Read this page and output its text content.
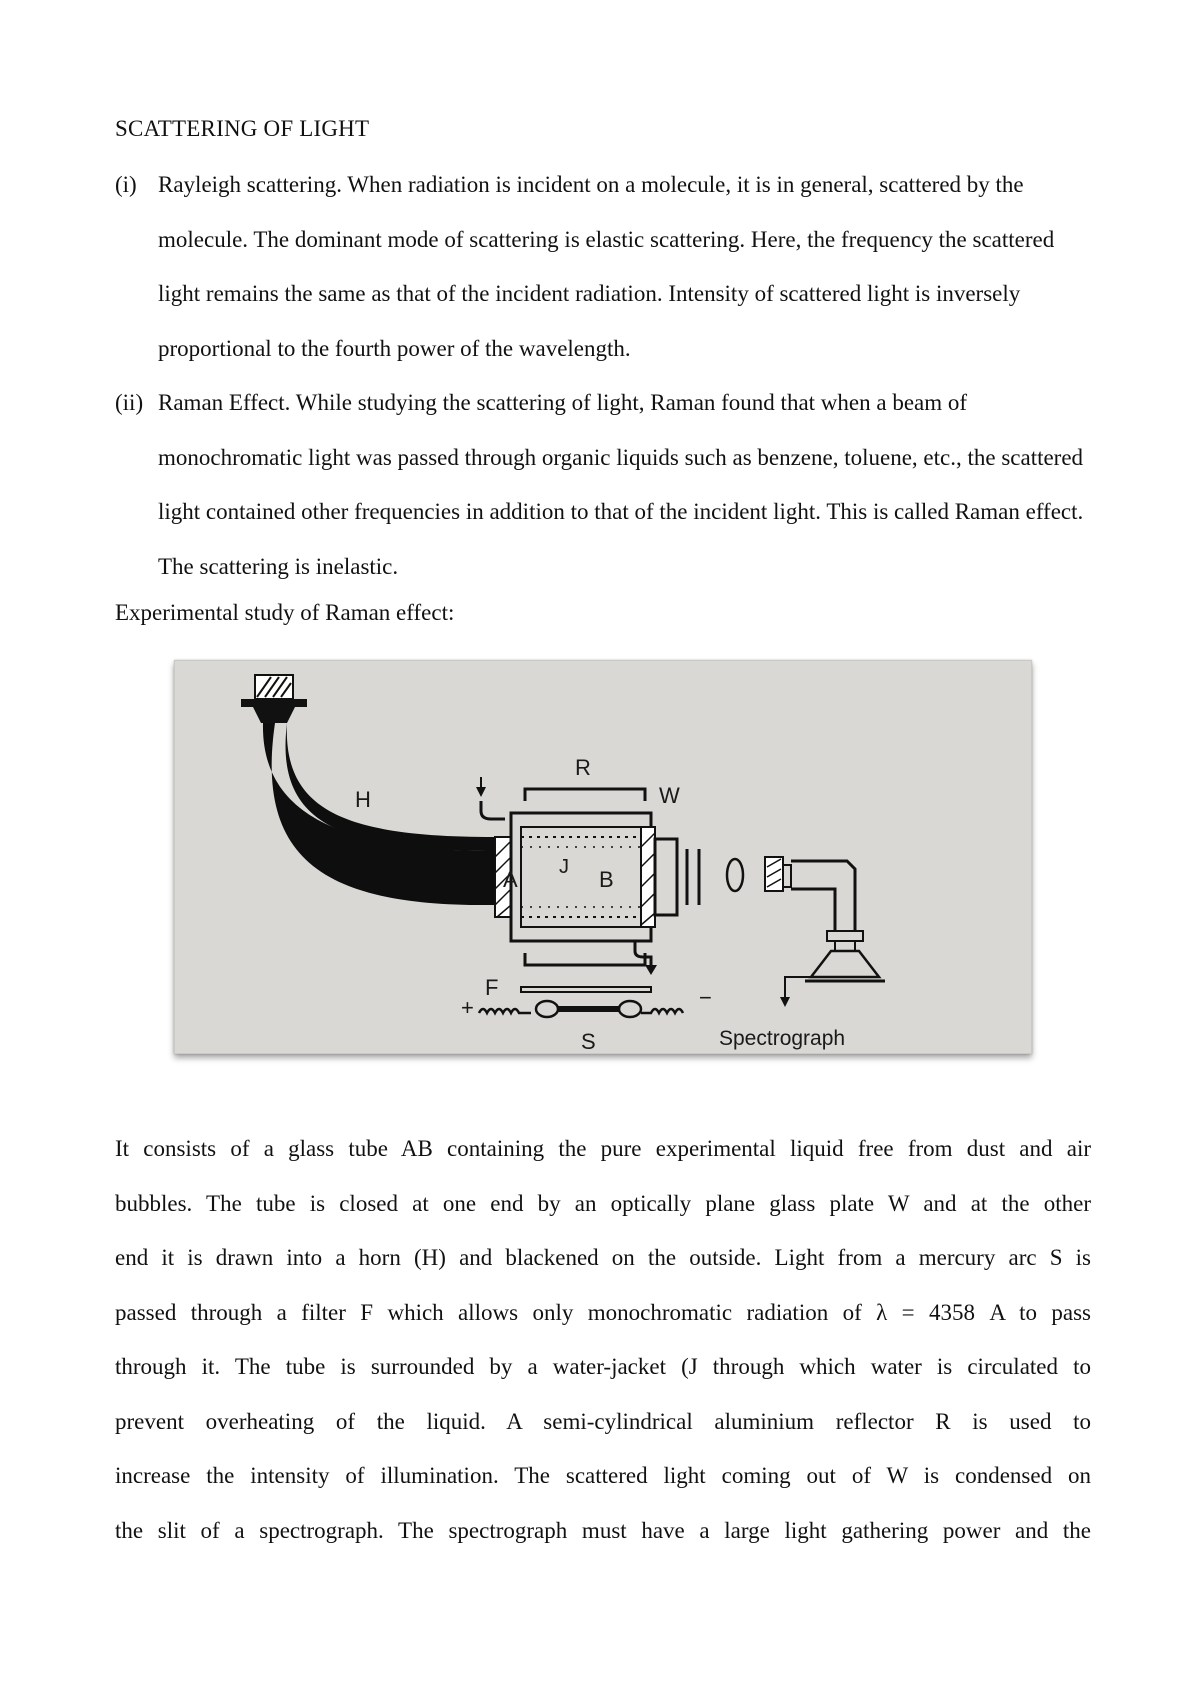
SCATTERING OF LIGHT
(i) Rayleigh scattering. When radiation is incident on a molecule, it is in general, scattered by the molecule. The dominant mode of scattering is elastic scattering. Here, the frequency the scattered light remains the same as that of the incident radiation. Intensity of scattered light is inversely proportional to the fourth power of the wavelength.
(ii) Raman Effect. While studying the scattering of light, Raman found that when a beam of monochromatic light was passed through organic liquids such as benzene, toluene, etc., the scattered light contained other frequencies in addition to that of the incident light. This is called Raman effect. The scattering is inelastic.
Experimental study of Raman effect:
H
R
W
A J B
F
+	−
S	Spectrograph
It consists of a glass tube AB containing the pure experimental liquid free from dust and air
bubbles. The tube is closed at one end by an optically plane glass plate W and at the other
end it is drawn into a horn (H) and blackened on the outside. Light from a mercury arc S is
passed through a filter F which allows only monochromatic radiation of λ = 4358 A to pass
through it. The tube is surrounded by a water-jacket (J through which water is circulated to
prevent overheating of the liquid. A semi-cylindrical aluminium reflector R is used to
increase the intensity of illumination. The scattered light coming out of W is condensed on
the slit of a spectrograph. The spectrograph must have a large light gathering power and the
